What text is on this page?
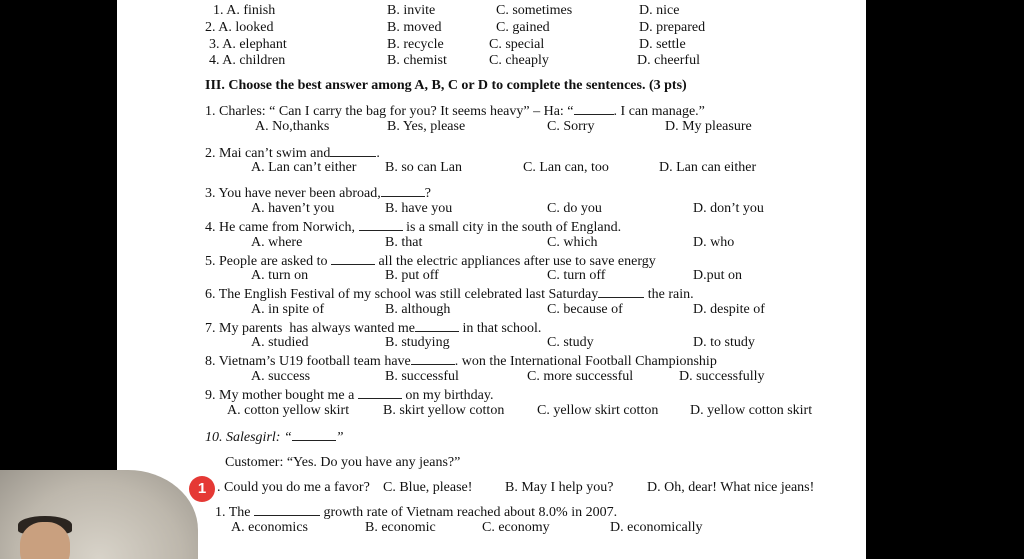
1. A. finish	B. invite	C. sometimes	D. nice
2. A. looked	B. moved	C. gained	D. prepared
3. A. elephant	B. recycle	C. special	D. settle
4. A. children	B. chemist	C. cheaply	D. cheerful
III. Choose the best answer among A, B, C or D to complete the sentences. (3 pts)
1. Charles: “ Can I carry the bag for you? It seems heavy” – Ha: “	. I can manage.”
A. No,thanks	B. Yes, please	C. Sorry	D. My pleasure
2. Mai can’t swim and	.
A. Lan can’t either B. so can Lan	C. Lan can, too	D. Lan can either
3. You have never been abroad,	?
A. haven’t you	B. have you	C. do you	D. don’t you
4. He came from Norwich,	is a small city in the south of England.
A. where	B. that	C. which	D. who
5. People are asked to	all the electric appliances after use to save energy
A. turn on	B. put off	C. turn off	D.put on
6. The English Festival of my school was still celebrated last Saturday	the rain.
A. in spite of	B. although	C. because of	D. despite of
7. My parents  has always wanted me	in that school.
A. studied	B. studying	C. study	D. to study
8. Vietnam’s U19 football team have	. won the International Football Championship
A. success	B. successful	C. more successful	D. successfully
9. My mother bought me a	on my birthday.
A. cotton yellow skirt B. skirt yellow cotton C. yellow skirt cotton D. yellow cotton skirt
10. Salesgirl: “	”
Customer: “Yes. Do you have any jeans?”
. Could you do me a favor? C. Blue, please! B. May I help you? D. Oh, dear! What nice jeans!
1. The	growth rate of Vietnam reached about 8.0% in 2007.
A. economics	B. economic	C. economy	D. economically
1
